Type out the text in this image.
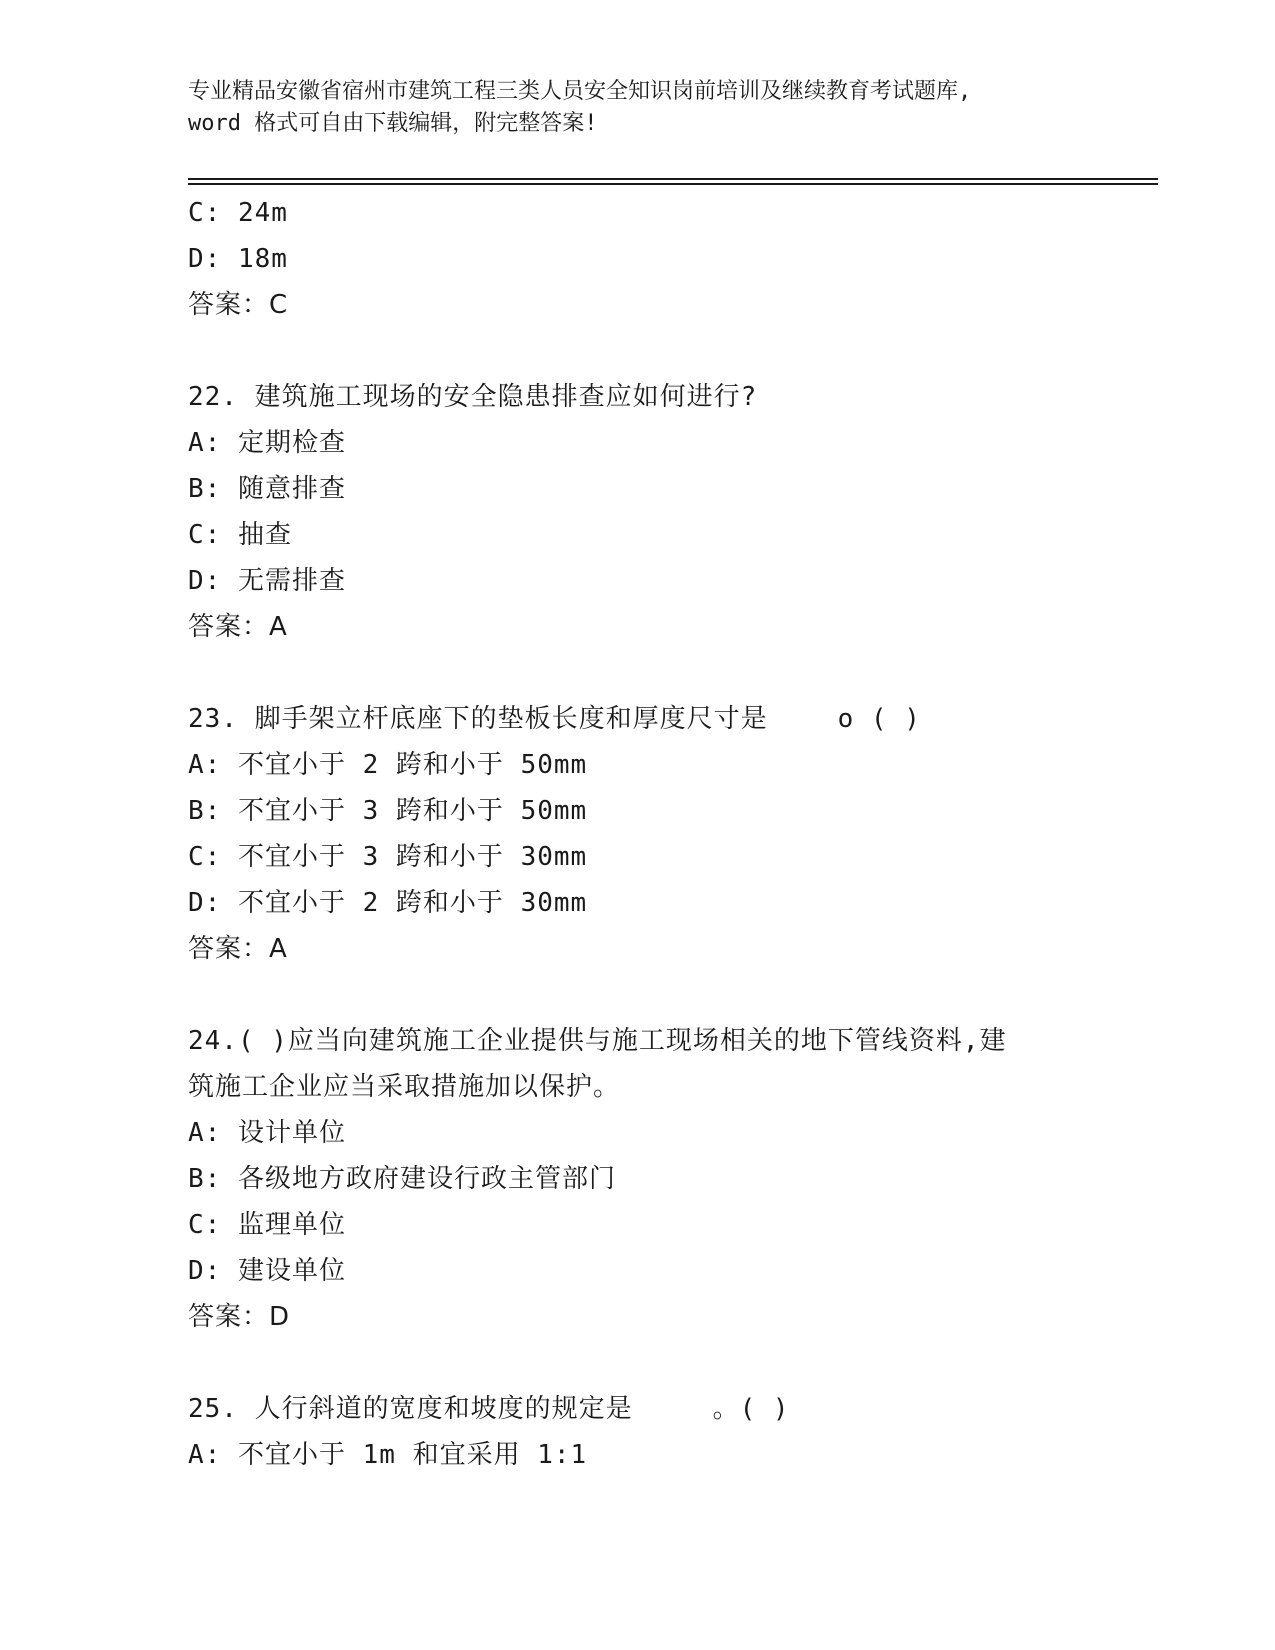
专业精品安徽省宿州市建筑工程三类人员安全知识岗前培训及继续教育考试题库,
word 格式可自由下载编辑，附完整答案!
C: 24m
D: 18m
答案：C
22. 建筑施工现场的安全隐患排查应如何进行?
A: 定期检查
B: 随意排查
C: 抽查
D: 无需排查
答案：A
23. 脚手架立杆底座下的垫板长度和厚度尺寸是	o ( )
A: 不宜小于 2 跨和小于 50mm
B: 不宜小于 3 跨和小于 50mm
C: 不宜小于 3 跨和小于 30mm
D: 不宜小于 2 跨和小于 30mm
答案：A
24.( )应当向建筑施工企业提供与施工现场相关的地下管线资料,建
筑施工企业应当采取措施加以保护。
A: 设计单位
B: 各级地方政府建设行政主管部门
C: 监理单位
D: 建设单位
答案：D
25. 人行斜道的宽度和坡度的规定是	。( )
A: 不宜小于 1m 和宜采用 1:1
